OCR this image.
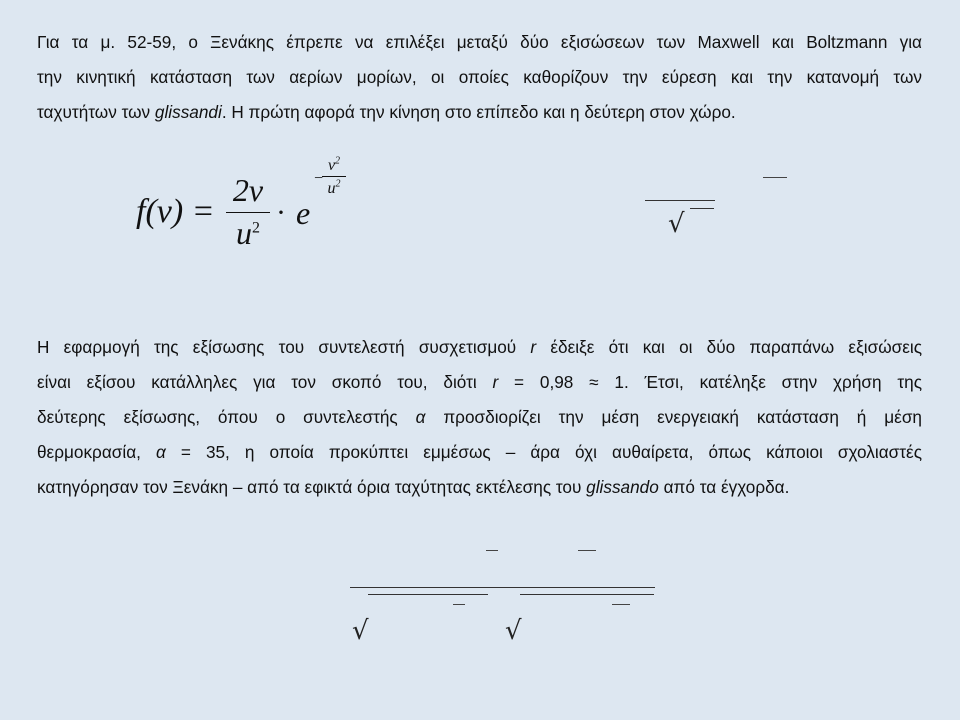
Για τα μ. 52-59, ο Ξενάκης έπρεπε να επιλέξει μεταξύ δύο εξισώσεων των Maxwell και Boltzmann για
την κινητική κατάσταση των αερίων μορίων, οι οποίες καθορίζουν την εύρεση και την κατανομή των
ταχυτήτων των glissandi. Η πρώτη αφορά την κίνηση στο επίπεδο και η δεύτερη στον χώρο.

f(v) =
2v
$u^2 \cdot e$
−
$v^2$
$u^2$
√
Η εφαρμογή της εξίσωσης του συντελεστή συσχετισμού r έδειξε ότι και οι δύο παραπάνω εξισώσεις
είναι εξίσου κατάλληλες για τον σκοπό του, διότι r = 0,98 ≈ 1. Έτσι, κατέληξε στην χρήση της
δεύτερης εξίσωσης, όπου ο συντελεστής α προσδιορίζει την μέση ενεργειακή κατάσταση ή μέση
θερμοκρασία, α = 35, η οποία προκύπτει εμμέσως – άρα όχι αυθαίρετα, όπως κάποιοι σχολιαστές
κατηγόρησαν τον Ξενάκη – από τα εφικτά όρια ταχύτητας εκτέλεσης του glissando από τα έγχορδα.
√	√
